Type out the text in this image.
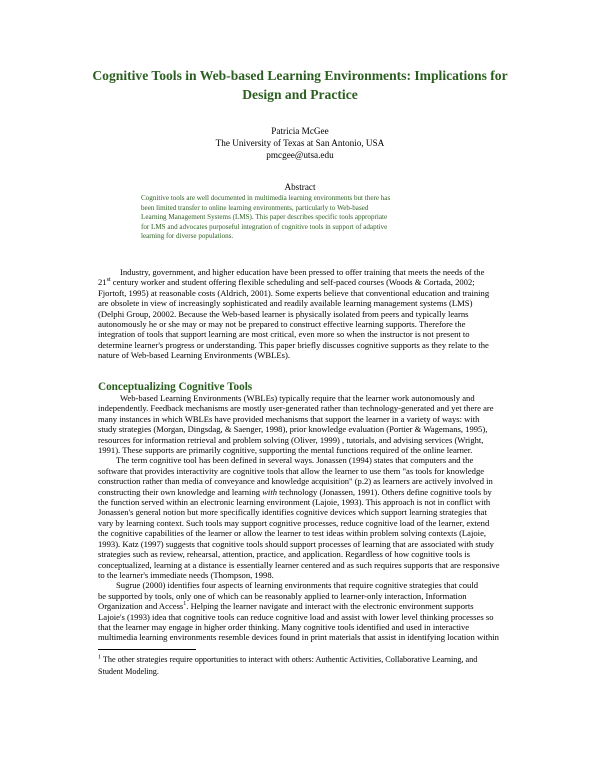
Cognitive Tools in Web-based Learning Environments: Implications for
Design and Practice
Patricia McGee
The University of Texas at San Antonio, USA
pmcgee@utsa.edu
Abstract
Cognitive tools are well documented in multimedia learning environments but there has
been limited transfer to online learning environments, particularly to Web-based
Learning Management Systems (LMS). This paper describes specific tools appropriate
for LMS and advocates purposeful integration of cognitive tools in support of adaptive
learning for diverse populations.
Industry, government, and higher education have been pressed to offer training that meets the needs of the
21st century worker and student offering flexible scheduling and self-paced courses (Woods & Cortada, 2002;
Fjortoft, 1995) at reasonable costs (Aldrich, 2001). Some experts believe that conventional education and training
are obsolete in view of increasingly sophisticated and readily available learning management systems (LMS)
(Delphi Group, 20002. Because the Web-based learner is physically isolated from peers and typically learns
autonomously he or she may or may not be prepared to construct effective learning supports. Therefore the
integration of tools that support learning are most critical, even more so when the instructor is not present to
determine learner's progress or understanding. This paper briefly discusses cognitive supports as they relate to the
nature of Web-based Learning Environments (WBLEs).
Conceptualizing Cognitive Tools
Web-based Learning Environments (WBLEs) typically require that the learner work autonomously and
independently. Feedback mechanisms are mostly user-generated rather than technology-generated and yet there are
many instances in which WBLEs have provided mechanisms that support the learner in a variety of ways: with
study strategies (Morgan, Dingsdag, & Saenger, 1998), prior knowledge evaluation (Portier & Wagemans, 1995),
resources for information retrieval and problem solving (Oliver, 1999) , tutorials, and advising services (Wright,
1991). These supports are primarily cognitive, supporting the mental functions required of the online learner.
The term cognitive tool has been defined in several ways. Jonassen (1994) states that computers and the
software that provides interactivity are cognitive tools that allow the learner to use them "as tools for knowledge
construction rather than media of conveyance and knowledge acquisition" (p.2) as learners are actively involved in
constructing their own knowledge and learning with technology (Jonassen, 1991). Others define cognitive tools by
the function served within an electronic learning environment (Lajoie, 1993). This approach is not in conflict with
Jonassen's general notion but more specifically identifies cognitive devices which support learning strategies that
vary by learning context. Such tools may support cognitive processes, reduce cognitive load of the learner, extend
the cognitive capabilities of the learner or allow the learner to test ideas within problem solving contexts (Lajoie,
1993). Katz (1997) suggests that cognitive tools should support processes of learning that are associated with study
strategies such as review, rehearsal, attention, practice, and application. Regardless of how cognitive tools is
conceptualized, learning at a distance is essentially learner centered and as such requires supports that are responsive
to the learner's immediate needs (Thompson, 1998.
Sugrue (2000) identifies four aspects of learning environments that require cognitive strategies that could
be supported by tools, only one of which can be reasonably applied to learner-only interaction, Information
Organization and Access$^1$. Helping the learner navigate and interact with the electronic environment supports
Lajoie's (1993) idea that cognitive tools can reduce cognitive load and assist with lower level thinking processes so
that the learner may engage in higher order thinking. Many cognitive tools identified and used in interactive
multimedia learning environments resemble devices found in print materials that assist in identifying location within
$^1$ The other strategies require opportunities to interact with others: Authentic Activities, Collaborative Learning, and
Student Modeling.
